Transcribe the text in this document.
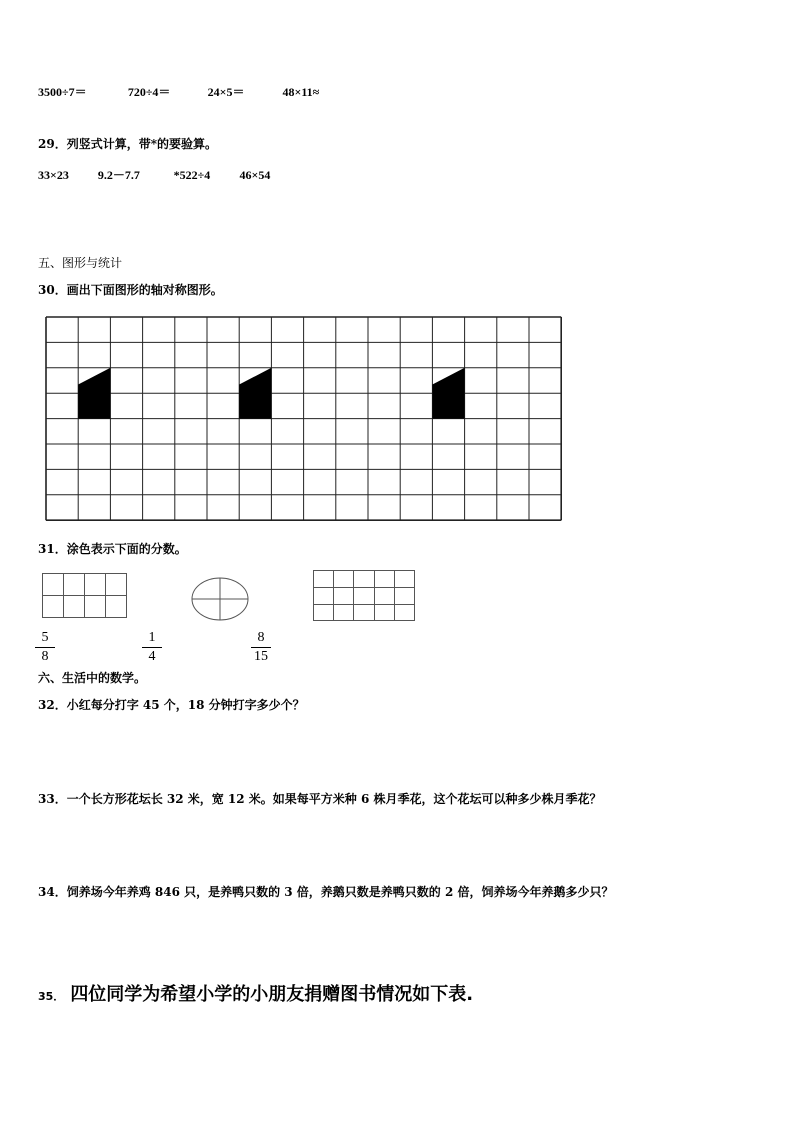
3500÷7＝	720÷4＝	24×5＝	48×11≈
29．列竖式计算，带*的要验算。
33×23 9.2－7.7	*522÷4 46×54
五、图形与统计
30．画出下面图形的轴对称图形。
31．涂色表示下面的分数。
5
8
1
4
8
15
六、生活中的数学。
32．小红每分打字 45 个，18 分钟打字多少个？
33．一个长方形花坛长 32 米，宽 12 米。如果每平方米种 6 株月季花，这个花坛可以种多少株月季花？
34．饲养场今年养鸡 846 只，是养鸭只数的 3 倍，养鹅只数是养鸭只数的 2 倍，饲养场今年养鹅多少只？
35． 四位同学为希望小学的小朋友捐赠图书情况如下表.
